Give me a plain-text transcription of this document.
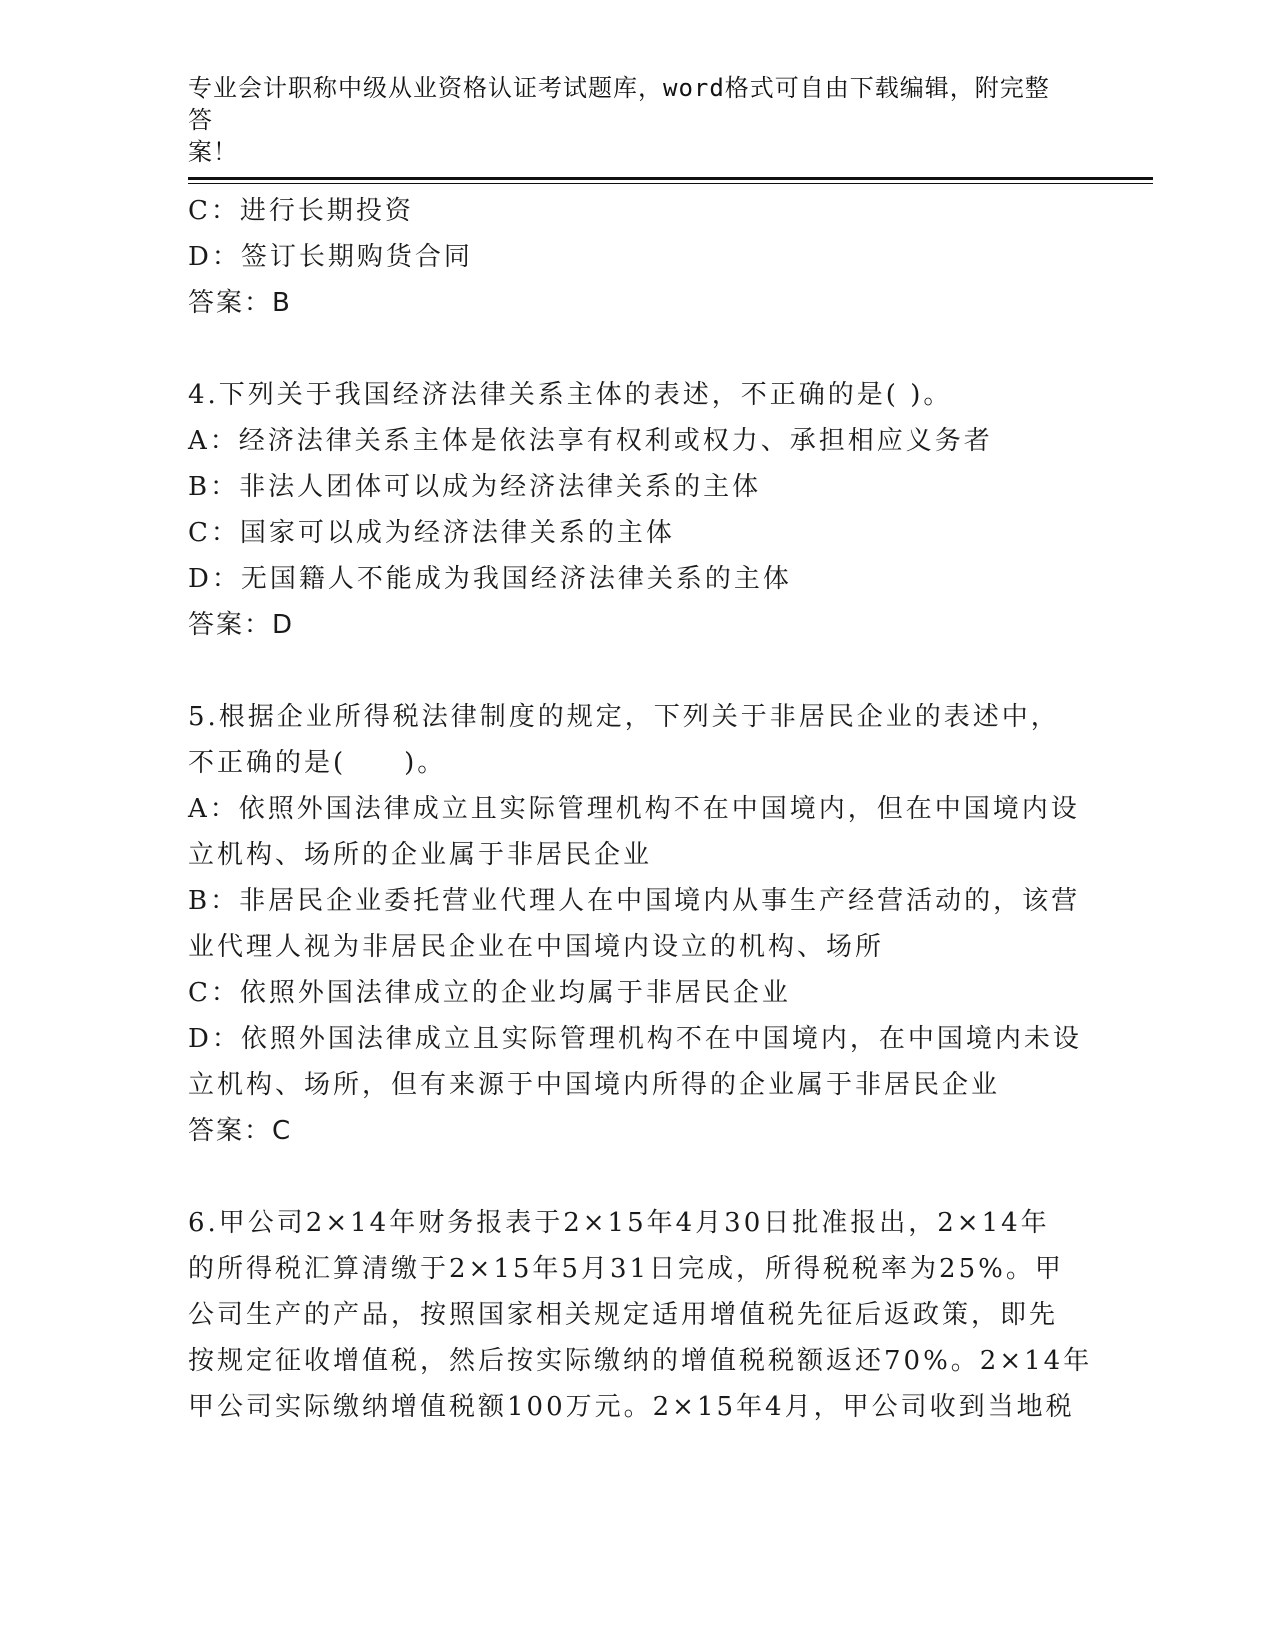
专业会计职称中级从业资格认证考试题库，word格式可自由下载编辑，附完整答
案！
C：进行长期投资
D：签订长期购货合同
答案：B
4.下列关于我国经济法律关系主体的表述，不正确的是( )。
A：经济法律关系主体是依法享有权利或权力、承担相应义务者
B：非法人团体可以成为经济法律关系的主体
C：国家可以成为经济法律关系的主体
D：无国籍人不能成为我国经济法律关系的主体
答案：D
5.根据企业所得税法律制度的规定，下列关于非居民企业的表述中，
不正确的是(　　)。
A：依照外国法律成立且实际管理机构不在中国境内，但在中国境内设
立机构、场所的企业属于非居民企业
B：非居民企业委托营业代理人在中国境内从事生产经营活动的，该营
业代理人视为非居民企业在中国境内设立的机构、场所
C：依照外国法律成立的企业均属于非居民企业
D：依照外国法律成立且实际管理机构不在中国境内，在中国境内未设
立机构、场所，但有来源于中国境内所得的企业属于非居民企业
答案：C
6.甲公司2×14年财务报表于2×15年4月30日批准报出，2×14年
的所得税汇算清缴于2×15年5月31日完成，所得税税率为25%。甲
公司生产的产品，按照国家相关规定适用增值税先征后返政策，即先
按规定征收增值税，然后按实际缴纳的增值税税额返还70%。2×14年
甲公司实际缴纳增值税额100万元。2×15年4月，甲公司收到当地税
